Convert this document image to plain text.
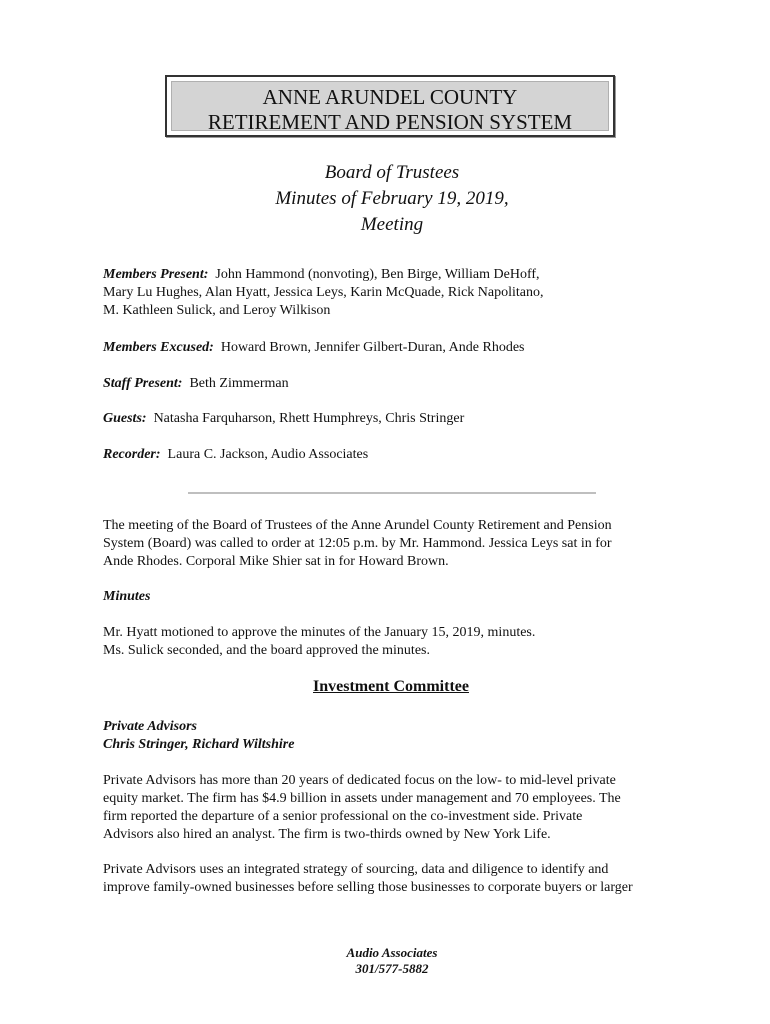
ANNE ARUNDEL COUNTY
RETIREMENT AND PENSION SYSTEM
Board of Trustees
Minutes of February 19, 2019,
Meeting
Members Present: John Hammond (nonvoting), Ben Birge, William DeHoff,
Mary Lu Hughes, Alan Hyatt, Jessica Leys, Karin McQuade, Rick Napolitano,
M. Kathleen Sulick, and Leroy Wilkison
Members Excused: Howard Brown, Jennifer Gilbert-Duran, Ande Rhodes
Staff Present: Beth Zimmerman
Guests: Natasha Farquharson, Rhett Humphreys, Chris Stringer
Recorder: Laura C. Jackson, Audio Associates
The meeting of the Board of Trustees of the Anne Arundel County Retirement and Pension
System (Board) was called to order at 12:05 p.m. by Mr. Hammond. Jessica Leys sat in for
Ande Rhodes. Corporal Mike Shier sat in for Howard Brown.
Minutes
Mr. Hyatt motioned to approve the minutes of the January 15, 2019, minutes.
Ms. Sulick seconded, and the board approved the minutes.
Investment Committee
Private Advisors
Chris Stringer, Richard Wiltshire
Private Advisors has more than 20 years of dedicated focus on the low- to mid-level private
equity market. The firm has $4.9 billion in assets under management and 70 employees. The
firm reported the departure of a senior professional on the co-investment side. Private
Advisors also hired an analyst. The firm is two-thirds owned by New York Life.
Private Advisors uses an integrated strategy of sourcing, data and diligence to identify and
improve family-owned businesses before selling those businesses to corporate buyers or larger
Audio Associates
301/577-5882
